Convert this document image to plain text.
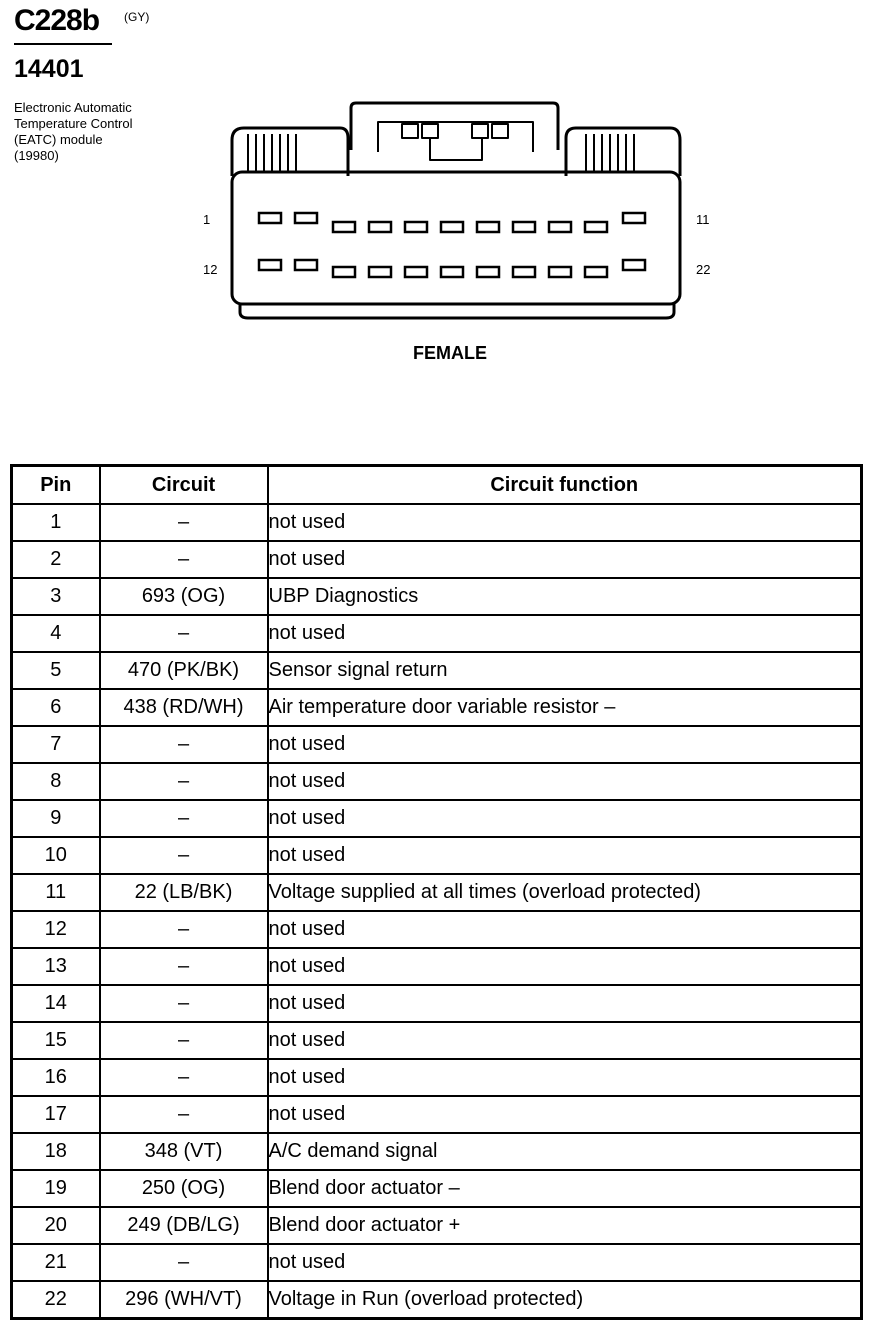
C228b (GY)
14401
Electronic Automatic
Temperature Control
(EATC) module
(19980)
1	11
12	22
FEMALE
Pin	Circuit	Circuit function
1	–	not used
2	–	not used
3	693 (OG)	UBP Diagnostics
4	–	not used
5	470 (PK/BK)	Sensor signal return
6	438 (RD/WH)	Air temperature door variable resistor –
7	–	not used
8	–	not used
9	–	not used
10	–	not used
11	22 (LB/BK)	Voltage supplied at all times (overload protected)
12	–	not used
13	–	not used
14	–	not used
15	–	not used
16	–	not used
17	–	not used
18	348 (VT)	A/C demand signal
19	250 (OG)	Blend door actuator –
20	249 (DB/LG)	Blend door actuator +
21	–	not used
22	296 (WH/VT)	Voltage in Run (overload protected)
